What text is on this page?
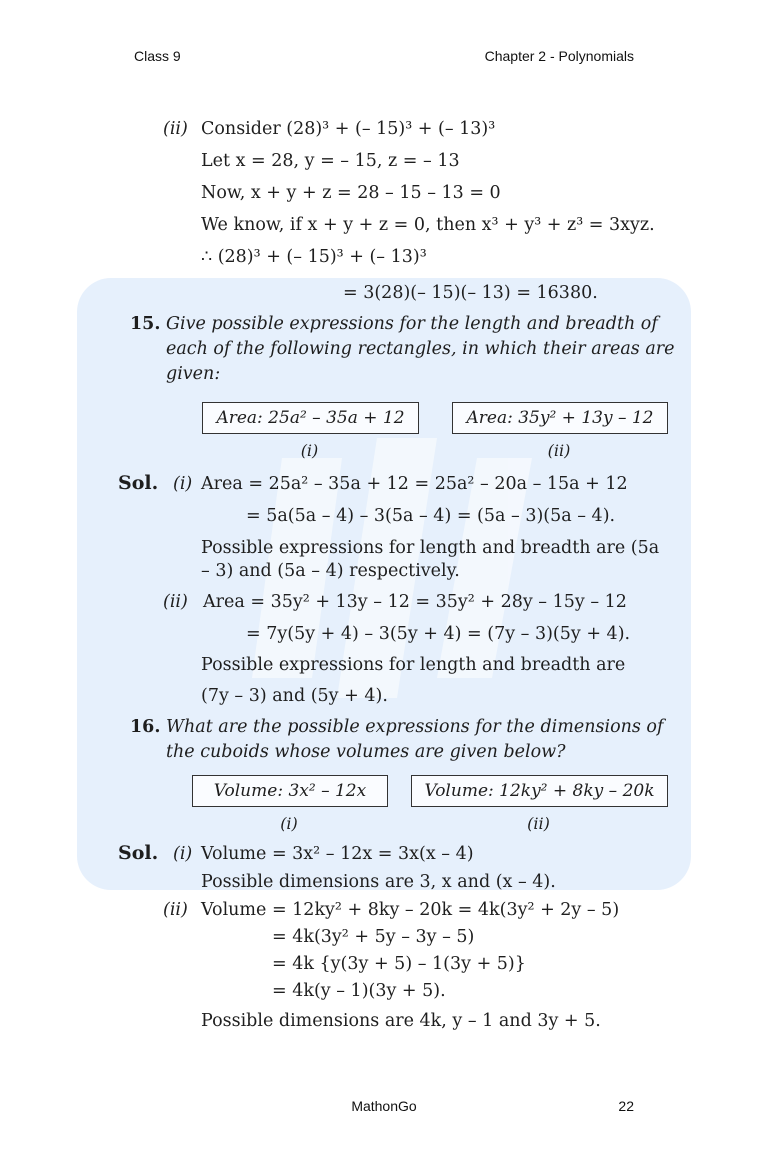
Class 9	Chapter 2 - Polynomials
(ii) Consider (28)³ + (– 15)³ + (– 13)³
Let x = 28, y = – 15, z = – 13
Now, x + y + z = 28 – 15 – 13 = 0
We know, if x + y + z = 0, then x³ + y³ + z³ = 3xyz.
∴ (28)³ + (– 15)³ + (– 13)³
= 3(28)(– 15)(– 13) = 16380.
15. Give possible expressions for the length and breadth of
each of the following rectangles, in which their areas are
given:
Area: 25a² – 35a + 12	Area: 35y² + 13y – 12
(i)	(ii)
Sol. (i) Area = 25a² – 35a + 12 = 25a² – 20a – 15a + 12
= 5a(5a – 4) – 3(5a – 4) = (5a – 3)(5a – 4).
Possible expressions for length and breadth are (5a
– 3) and (5a – 4) respectively.
(ii) Area = 35y² + 13y – 12 = 35y² + 28y – 15y – 12
= 7y(5y + 4) – 3(5y + 4) = (7y – 3)(5y + 4).
Possible expressions for length and breadth are
(7y – 3) and (5y + 4).
16. What are the possible expressions for the dimensions of
the cuboids whose volumes are given below?
Volume: 3x² – 12x	Volume: 12ky² + 8ky – 20k
(i)	(ii)
Sol. (i) Volume = 3x² – 12x = 3x(x – 4)
Possible dimensions are 3, x and (x – 4).
(ii) Volume = 12ky² + 8ky – 20k = 4k(3y² + 2y – 5)
= 4k(3y² + 5y – 3y – 5)
= 4k {y(3y + 5) – 1(3y + 5)}
= 4k(y – 1)(3y + 5).
Possible dimensions are 4k, y – 1 and 3y + 5.
MathonGo	22
